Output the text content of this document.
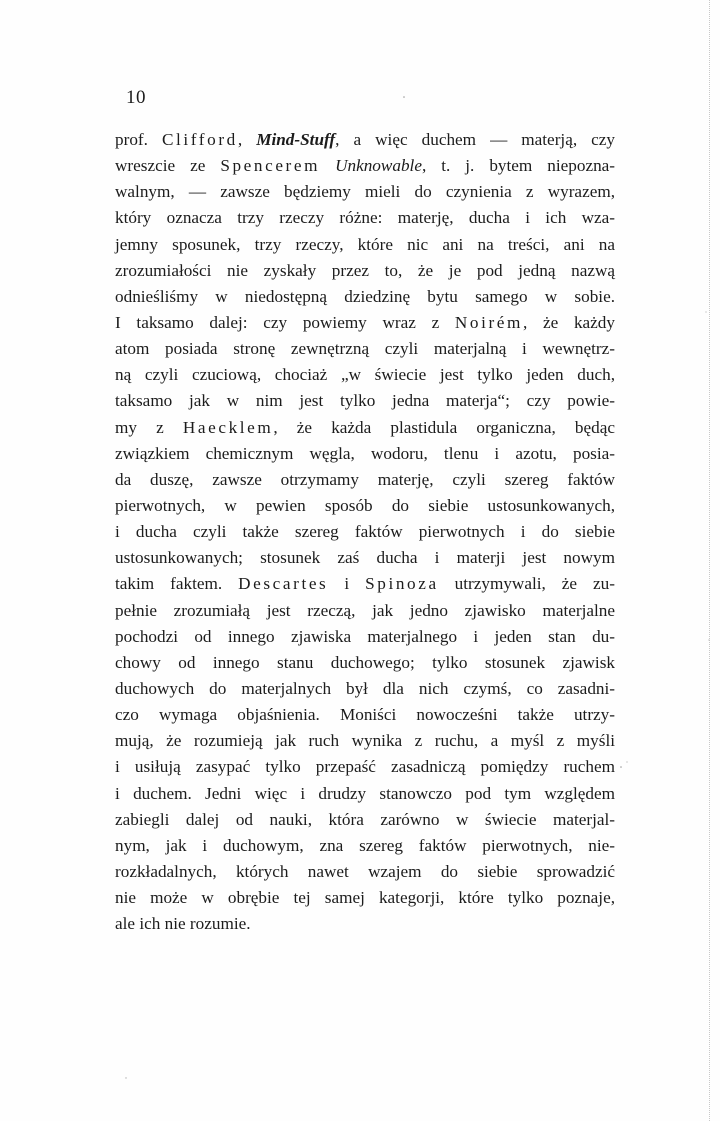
10
prof. Clifford, Mind-Stuff, a więc duchem — materją, czy
wreszcie ze Spencerem Unknowable, t. j. bytem niepozna-
walnym, — zawsze będziemy mieli do czynienia z wyrazem,
który oznacza trzy rzeczy różne: materję, ducha i ich wza-
jemny sposunek, trzy rzeczy, które nic ani na treści, ani na
zrozumiałości nie zyskały przez to, że je pod jedną nazwą
odnieśliśmy w niedostępną dziedzinę bytu samego w sobie.
I taksamo dalej: czy powiemy wraz z Noirém, że każdy
atom posiada stronę zewnętrzną czyli materjalną i wewnętrz-
ną czyli czuciową, chociaż „w świecie jest tylko jeden duch,
taksamo jak w nim jest tylko jedna materja“; czy powie-
my z Haecklem, że każda plastidula organiczna, będąc
związkiem chemicznym węgla, wodoru, tlenu i azotu, posia-
da duszę, zawsze otrzymamy materję, czyli szereg faktów
pierwotnych, w pewien sposób do siebie ustosunkowanych,
i ducha czyli także szereg faktów pierwotnych i do siebie
ustosunkowanych; stosunek zaś ducha i materji jest nowym
takim faktem. Descartes i Spinoza utrzymywali, że zu-
pełnie zrozumiałą jest rzeczą, jak jedno zjawisko materjalne
pochodzi od innego zjawiska materjalnego i jeden stan du-
chowy od innego stanu duchowego; tylko stosunek zjawisk
duchowych do materjalnych był dla nich czymś, co zasadni-
czo wymaga objaśnienia. Moniści nowocześni także utrzy-
mują, że rozumieją jak ruch wynika z ruchu, a myśl z myśli
i usiłują zasypać tylko przepaść zasadniczą pomiędzy ruchem
i duchem. Jedni więc i drudzy stanowczo pod tym względem
zabiegli dalej od nauki, która zarówno w świecie materjal-
nym, jak i duchowym, zna szereg faktów pierwotnych, nie-
rozkładalnych, których nawet wzajem do siebie sprowadzić
nie może w obrębie tej samej kategorji, które tylko poznaje,
ale ich nie rozumie.
